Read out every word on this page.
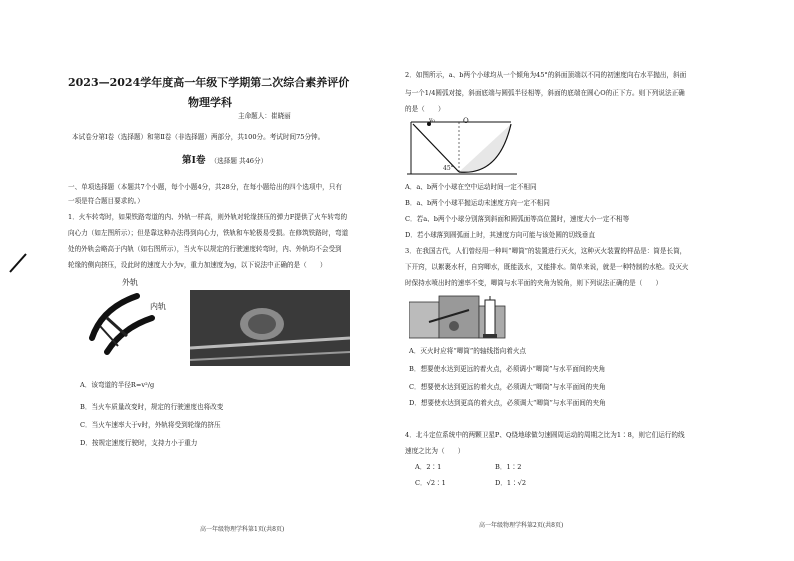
2023—2024学年度高一年级下学期第二次综合素养评价
物理学科
主命题人：崔晓丽
本试卷分第Ⅰ卷（选择题）和第Ⅱ卷（非选择题）两部分，共100分。考试时间75分钟。
第Ⅰ卷 （选择题 共46分）
一、单项选择题（本题共7个小题，每个小题4分，共28分，在每小题给出的四个选项中，只有
一项是符合题目要求的。）
1．火车转弯时，如果铁路弯道的内、外轨一样高，则外轨对轮缘挤压的弹力F提供了火车转弯的
向心力（如左图所示）；但是靠这种办法得到向心力，铁轨和车轮极易受损。在修筑铁路时，弯道
处的外轨会略高于内轨（如右图所示），当火车以规定的行驶速度转弯时，内、外轨均不会受到
轮缘的侧向挤压，设此时的速度大小为v，重力加速度为g，以下说法中正确的是（　　）
外轨
内轨
A．该弯道的半径R=v²/g
B．当火车质量改变时，规定的行驶速度也将改变
C．当火车速率大于v时，外轨将受到轮缘的挤压
D．按规定速度行驶时，支持力小于重力
高一年级物理学科第1页(共8页)
2．如图所示，a、b两个小球均从一个倾角为45°的斜面顶端以不同的初速度向右水平抛出，斜面
与一个1/4圆弧对接，斜面底端与圆弧半径相等，斜面的底端在圆心O的正下方。则下列说法正确
的是（　　）
v₀	O
45°
A．a、b两个小球在空中运动时间一定不相同
B．a、b两个小球平抛运动末速度方向一定不相同
C．若a、b两个小球分别落到斜面和圆弧面等高位置时，速度大小一定不相等
D．若小球落到圆弧面上时，其速度方向可能与该处圆的切线垂直
3．在我国古代，人们曾经用一种叫“唧筒”的装置进行灭火，这种灭火装置的样品是：筒是长筒，
下开窍，以絮裹水杆，自窍唧水，既能汲水，又能排水。简单来说，就是一种特制的水枪。设灭火
时保持水喷出时的速率不变，唧筒与水平面的夹角为锐角，则下列说法正确的是（　　）
A．灭火时应将“唧筒”的轴线指向着火点
B．想要使水达到更远的着火点，必须调小“唧筒”与水平面间的夹角
C．想要使水达到更远的着火点，必须调大“唧筒”与水平面间的夹角
D．想要使水达到更高的着火点，必须调大“唧筒”与水平面间的夹角
4．北斗定位系统中的两颗卫星P、Q绕地球做匀速圆周运动的周期之比为1∶8，则它们运行的线
速度之比为（　　）
A．2∶1	B．1∶2
C．√2∶1	D．1∶√2
高一年级物理学科第2页(共8页)
